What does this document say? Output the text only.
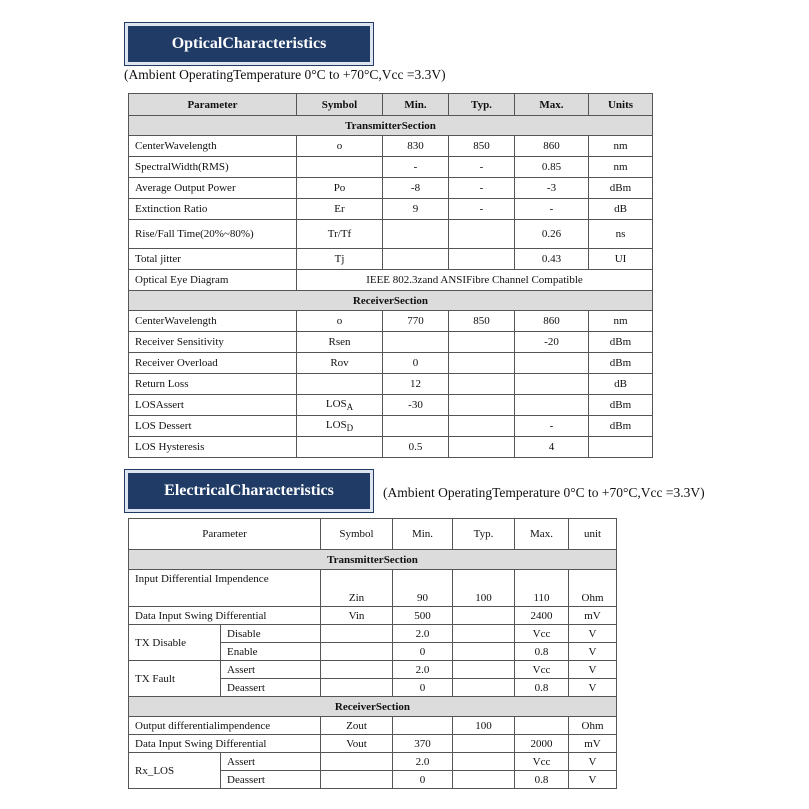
OpticalCharacteristics
(Ambient OperatingTemperature 0°C to +70°C,Vcc =3.3V)
Parameter	Symbol	Min.	Typ.	Max.	Units
TransmitterSection					
CenterWavelength	o	830	850	860	nm
SpectralWidth(RMS)		-	-	0.85	nm
Average Output Power	Po	-8	-	-3	dBm
Extinction Ratio	Er	9	-	-	dB
Rise/Fall Time(20%~80%)	Tr/Tf			0.26	ns
Total jitter	Tj			0.43	UI
Optical Eye Diagram	IEEE 802.3zand ANSIFibre Channel Compatible				
ReceiverSection					
CenterWavelength	o	770	850	860	nm
Receiver Sensitivity	Rsen			-20	dBm
Receiver Overload	Rov	0			dBm
Return Loss		12			dB
LOSAssert	$LOS_A$	-30			dBm
LOS Dessert	$LOS_D$			-	dBm
LOS Hysteresis		0.5		4	
ElectricalCharacteristics	(Ambient OperatingTemperature 0°C to +70°C,Vcc =3.3V)
Parameter		Symbol	Min.	Typ.	Max.	unit
TransmitterSection						
Input Differential Impendence		Zin	90	100	110	Ohm
Data Input Swing Differential		Vin	500		2400	mV
TX Disable	Disable		2.0		Vcc	V
	Enable		0		0.8	V
TX Fault	Assert		2.0		Vcc	V
	Deassert		0		0.8	V
ReceiverSection						
Output differentialimpendence		Zout		100		Ohm
Data Input Swing Differential		Vout	370		2000	mV
Rx_LOS	Assert		2.0		Vcc	V
	Deassert		0		0.8	V
